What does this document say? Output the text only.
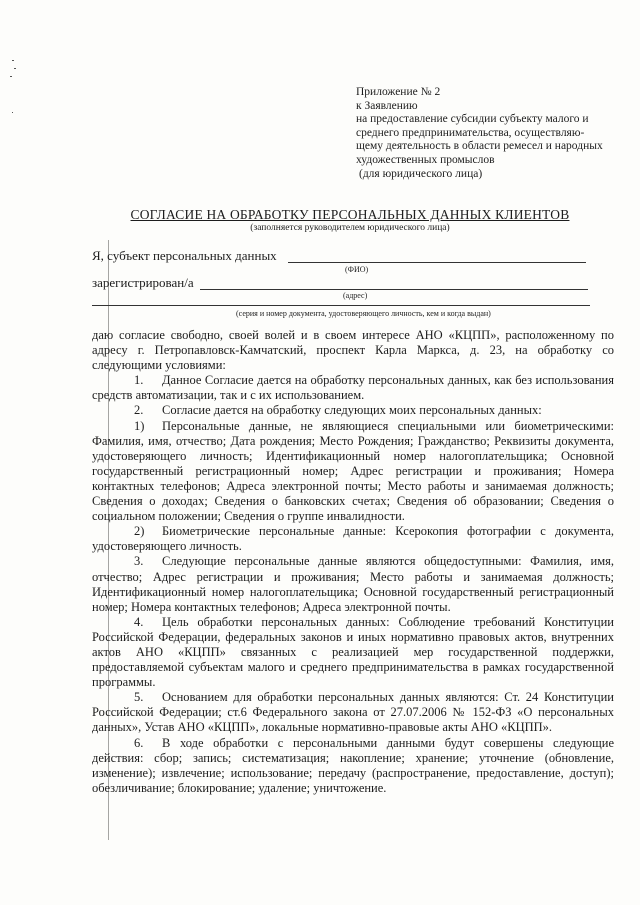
Приложение № 2
к Заявлению
на предоставление субсидии субъекту малого и
среднего предпринимательства, осуществляю-
щему деятельность в области ремесел и народных
художественных промыслов
(для юридического лица)
СОГЛАСИЕ НА ОБРАБОТКУ ПЕРСОНАЛЬНЫХ ДАННЫХ КЛИЕНТОВ
(заполняется руководителем юридического лица)
Я, субъект персональных данных
(ФИО)
зарегистрирован/а
(адрес)
(серия и номер документа, удостоверяющего личность, кем и когда выдан)

даю согласие свободно, своей волей и в своем интересе АНО «КЦПП», расположенному по адресу г. Петропавловск-Камчатский, проспект Карла Маркса, д. 23, на обработку со следующими условиями:

1. Данное Согласие дается на обработку персональных данных, как без использования средств автоматизации, так и с их использованием.

2. Согласие дается на обработку следующих моих персональных данных:

1) Персональные данные, не являющиеся специальными или биометрическими: Фамилия, имя, отчество; Дата рождения; Место Рождения; Гражданство; Реквизиты документа, удостоверяющего личность; Идентификационный номер налогоплательщика; Основной государственный регистрационный номер; Адрес регистрации и проживания; Номера контактных телефонов; Адреса электронной почты; Место работы и занимаемая должность; Сведения о доходах; Сведения о банковских счетах; Сведения об образовании; Сведения о социальном положении; Сведения о группе инвалидности.

2) Биометрические персональные данные: Ксерокопия фотографии с документа, удостоверяющего личность.

3. Следующие персональные данные являются общедоступными: Фамилия, имя, отчество; Адрес регистрации и проживания; Место работы и занимаемая должность; Идентификационный номер налогоплательщика; Основной государственный регистрационный номер; Номера контактных телефонов; Адреса электронной почты.

4. Цель обработки персональных данных: Соблюдение требований Конституции Российской Федерации, федеральных законов и иных нормативно правовых актов, внутренних актов АНО «КЦПП» связанных с реализацией мер государственной поддержки, предоставляемой субъектам малого и среднего предпринимательства в рамках государственной программы.

5. Основанием для обработки персональных данных являются: Ст. 24 Конституции Российской Федерации; ст.6 Федерального закона от 27.07.2006 № 152-ФЗ «О персональных данных», Устав АНО «КЦПП», локальные нормативно-правовые акты АНО «КЦПП».

6. В ходе обработки с персональными данными будут совершены следующие действия: сбор; запись; систематизация; накопление; хранение; уточнение (обновление, изменение); извлечение; использование; передачу (распространение, предоставление, доступ); обезличивание; блокирование; удаление; уничтожение.
